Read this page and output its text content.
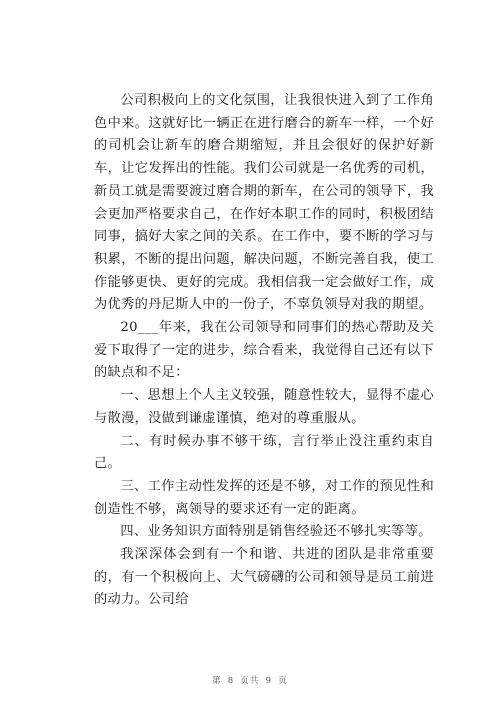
公司积极向上的文化氛围，让我很快进入到了工作角色中来。这就好比一辆正在进行磨合的新车一样，一个好的司机会让新车的磨合期缩短，并且会很好的保护好新车，让它发挥出的性能。我们公司就是一名优秀的司机，新员工就是需要渡过磨合期的新车，在公司的领导下，我会更加严格要求自己，在作好本职工作的同时，积极团结同事，搞好大家之间的关系。在工作中，要不断的学习与积累，不断的提出问题，解决问题，不断完善自我，使工作能够更快、更好的完成。我相信我一定会做好工作，成为优秀的丹尼斯人中的一份子，不辜负领导对我的期望。

20___年来，我在公司领导和同事们的热心帮助及关爱下取得了一定的进步，综合看来，我觉得自己还有以下的缺点和不足：

一、思想上个人主义较强，随意性较大，显得不虚心与散漫，没做到谦虚谨慎，绝对的尊重服从。

二、有时候办事不够干练，言行举止没注重约束自己。

三、工作主动性发挥的还是不够，对工作的预见性和创造性不够，离领导的要求还有一定的距离。

四、业务知识方面特别是销售经验还不够扎实等等。

我深深体会到有一个和谐、共进的团队是非常重要的，有一个积极向上、大气磅礴的公司和领导是员工前进的动力。公司给

第 8 页共 9 页
